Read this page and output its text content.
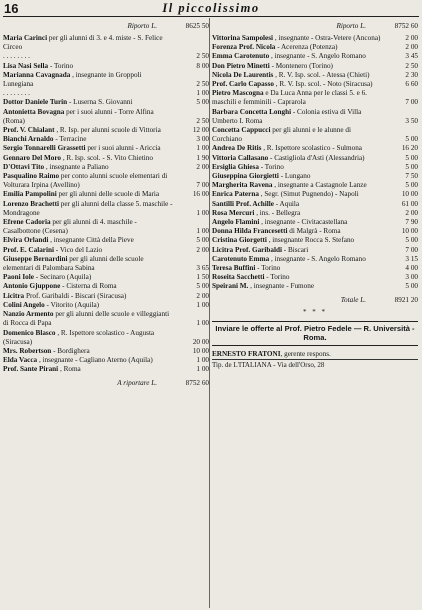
16	Il piccolissimo
Riporto L.	8625 50
Maria Carinci per gli alunni di 3. e 4. miste - S. Felice Circeo
. . . . . . . .	2 50
Lisa Nasi Sella - Torino	8 00
Marianna Cavagnada , insegnante in Groppoli Lunegiana	2 50
. . . . . . . .	1 00
Dottor Daniele Turin - Luserna S. Giovanni	5 00
Antonietta Bovagna per i suoi alunni - Torre Alfina (Roma)	2 50
Prof. V. Chialant , R. Isp. per alunni scuole di Vittoria	12 00
Bianchi Arnaldo - Terracine	3 00
Sergio Tonnarelli Grassetti per i suoi alunni - Ariccia	1 00
Gennaro Del Moro , R. Isp. scol. - S. Vito Chietino	1 90
D'Ottavi Tito , insegnante a Paliano	2 00
Pasqualino Raimo per conto alunni scuole elementari di Volturara Irpina (Avellino)	7 00
Emilia Pampolini per gli alunni delle scuole di Maria	16 00
Lorenzo Brachetti per gli alunni della classe 5. maschile - Mondragone	1 00
Efrene Cadoria per gli alunni di 4. maschile - Casalbottone (Cesena)	1 00
Elvira Orlandi , insegnante Città della Pieve	5 00
Prof. E. Calarini - Vico del Lazio	2 00
Giuseppe Bernardini per gli alunni delle scuole elementari di Palombara Sabina	3 65
Paoni Iole - Secinaro (Aquila)	1 50
Antonio Gjuppone - Cisterna di Roma	5 00
Licitra Prof. Garibaldi - Biscari (Siracusa)	2 00
Colini Angelo - Vitorito (Aquila)	1 00
Nanzio Armento per gli alunni delle scuole e villeggianti di Rocca di Papa	1 00
Domenico Blasco , R. Ispettore scolastico - Augusta (Siracusa)	20 00
Mrs. Robertson - Bordighera	10 00
Elda Vacca , insegnante - Cagliano Aterno (Aquila)	1 00
Prof. Sante Pirani , Roma	1 00
A riportare L.	8752 60
Riporto L.	8752 60
Vittorina Sampolesi , insegnante - Ostra-Vetere (Ancona)	2 00
Forenza Prof. Nicola - Acerenza (Potenza)	2 00
Emma Carotenuto , insegnante - S. Angelo Romano	3 45
Don Pietro Minetti - Montenero (Torino)	2 50
Nicola De Laurentis , R. V. Isp. scol. - Atessa (Chieti)	2 30
Prof. Carlo Capasso , R. V. Isp. scol. - Noto (Siracusa)	6 60
Pietro Mascogna e Da Luca Anna per le classi 5. e 6. maschili e femminili - Caprarola	7 00
Barbara Concetta Longhi - Colonia estiva di Villa Umberto I. Roma	3 50
Concetta Cappucci per gli alunni e le alunne di Corchiano	5 00
Andrea De Ritis , R. Ispettore scolastico - Sulmona	16 20
Vittoria Callasano - Castigliola d'Asti (Alessandria)	5 00
Ersiglia Ghiesa - Torino	5 00
Giuseppina Giorgietti - Lungano	7 50
Margherita Ravena , insegnante a Castagnole Lanze	5 00
Enrica Paterna , Segr. (Simut Pugnendo) - Napoli	10 00
Santilli Prof. Achille - Aquila	61 00
Rosa Mercuri , ins. - Bellegra	2 00
Angelo Flamini , insegnante - Civitacastellana	7 90
Donna Hilda Francesetti di Malgrà - Roma	10 00
Cristina Giorgetti , insegnante Rocca S. Stefano	5 00
Licitra Prof. Garibaldi - Biscari	7 00
Carotenuto Emma , insegnante - S. Angelo Romano	3 15
Teresa Buffini - Torino	4 00
Roseita Sacchetti - Torino	3 00
Speirani M. , insegnante - Fumone	5 00
Totale L.	8921 20
* * *
Inviare le offerte al Prof. Pietro Fedele — R. Università - Roma.
ERNESTO FRATONI, gerente respons.
Tip. de L'ITALIANA - Via dell'Orso, 28
